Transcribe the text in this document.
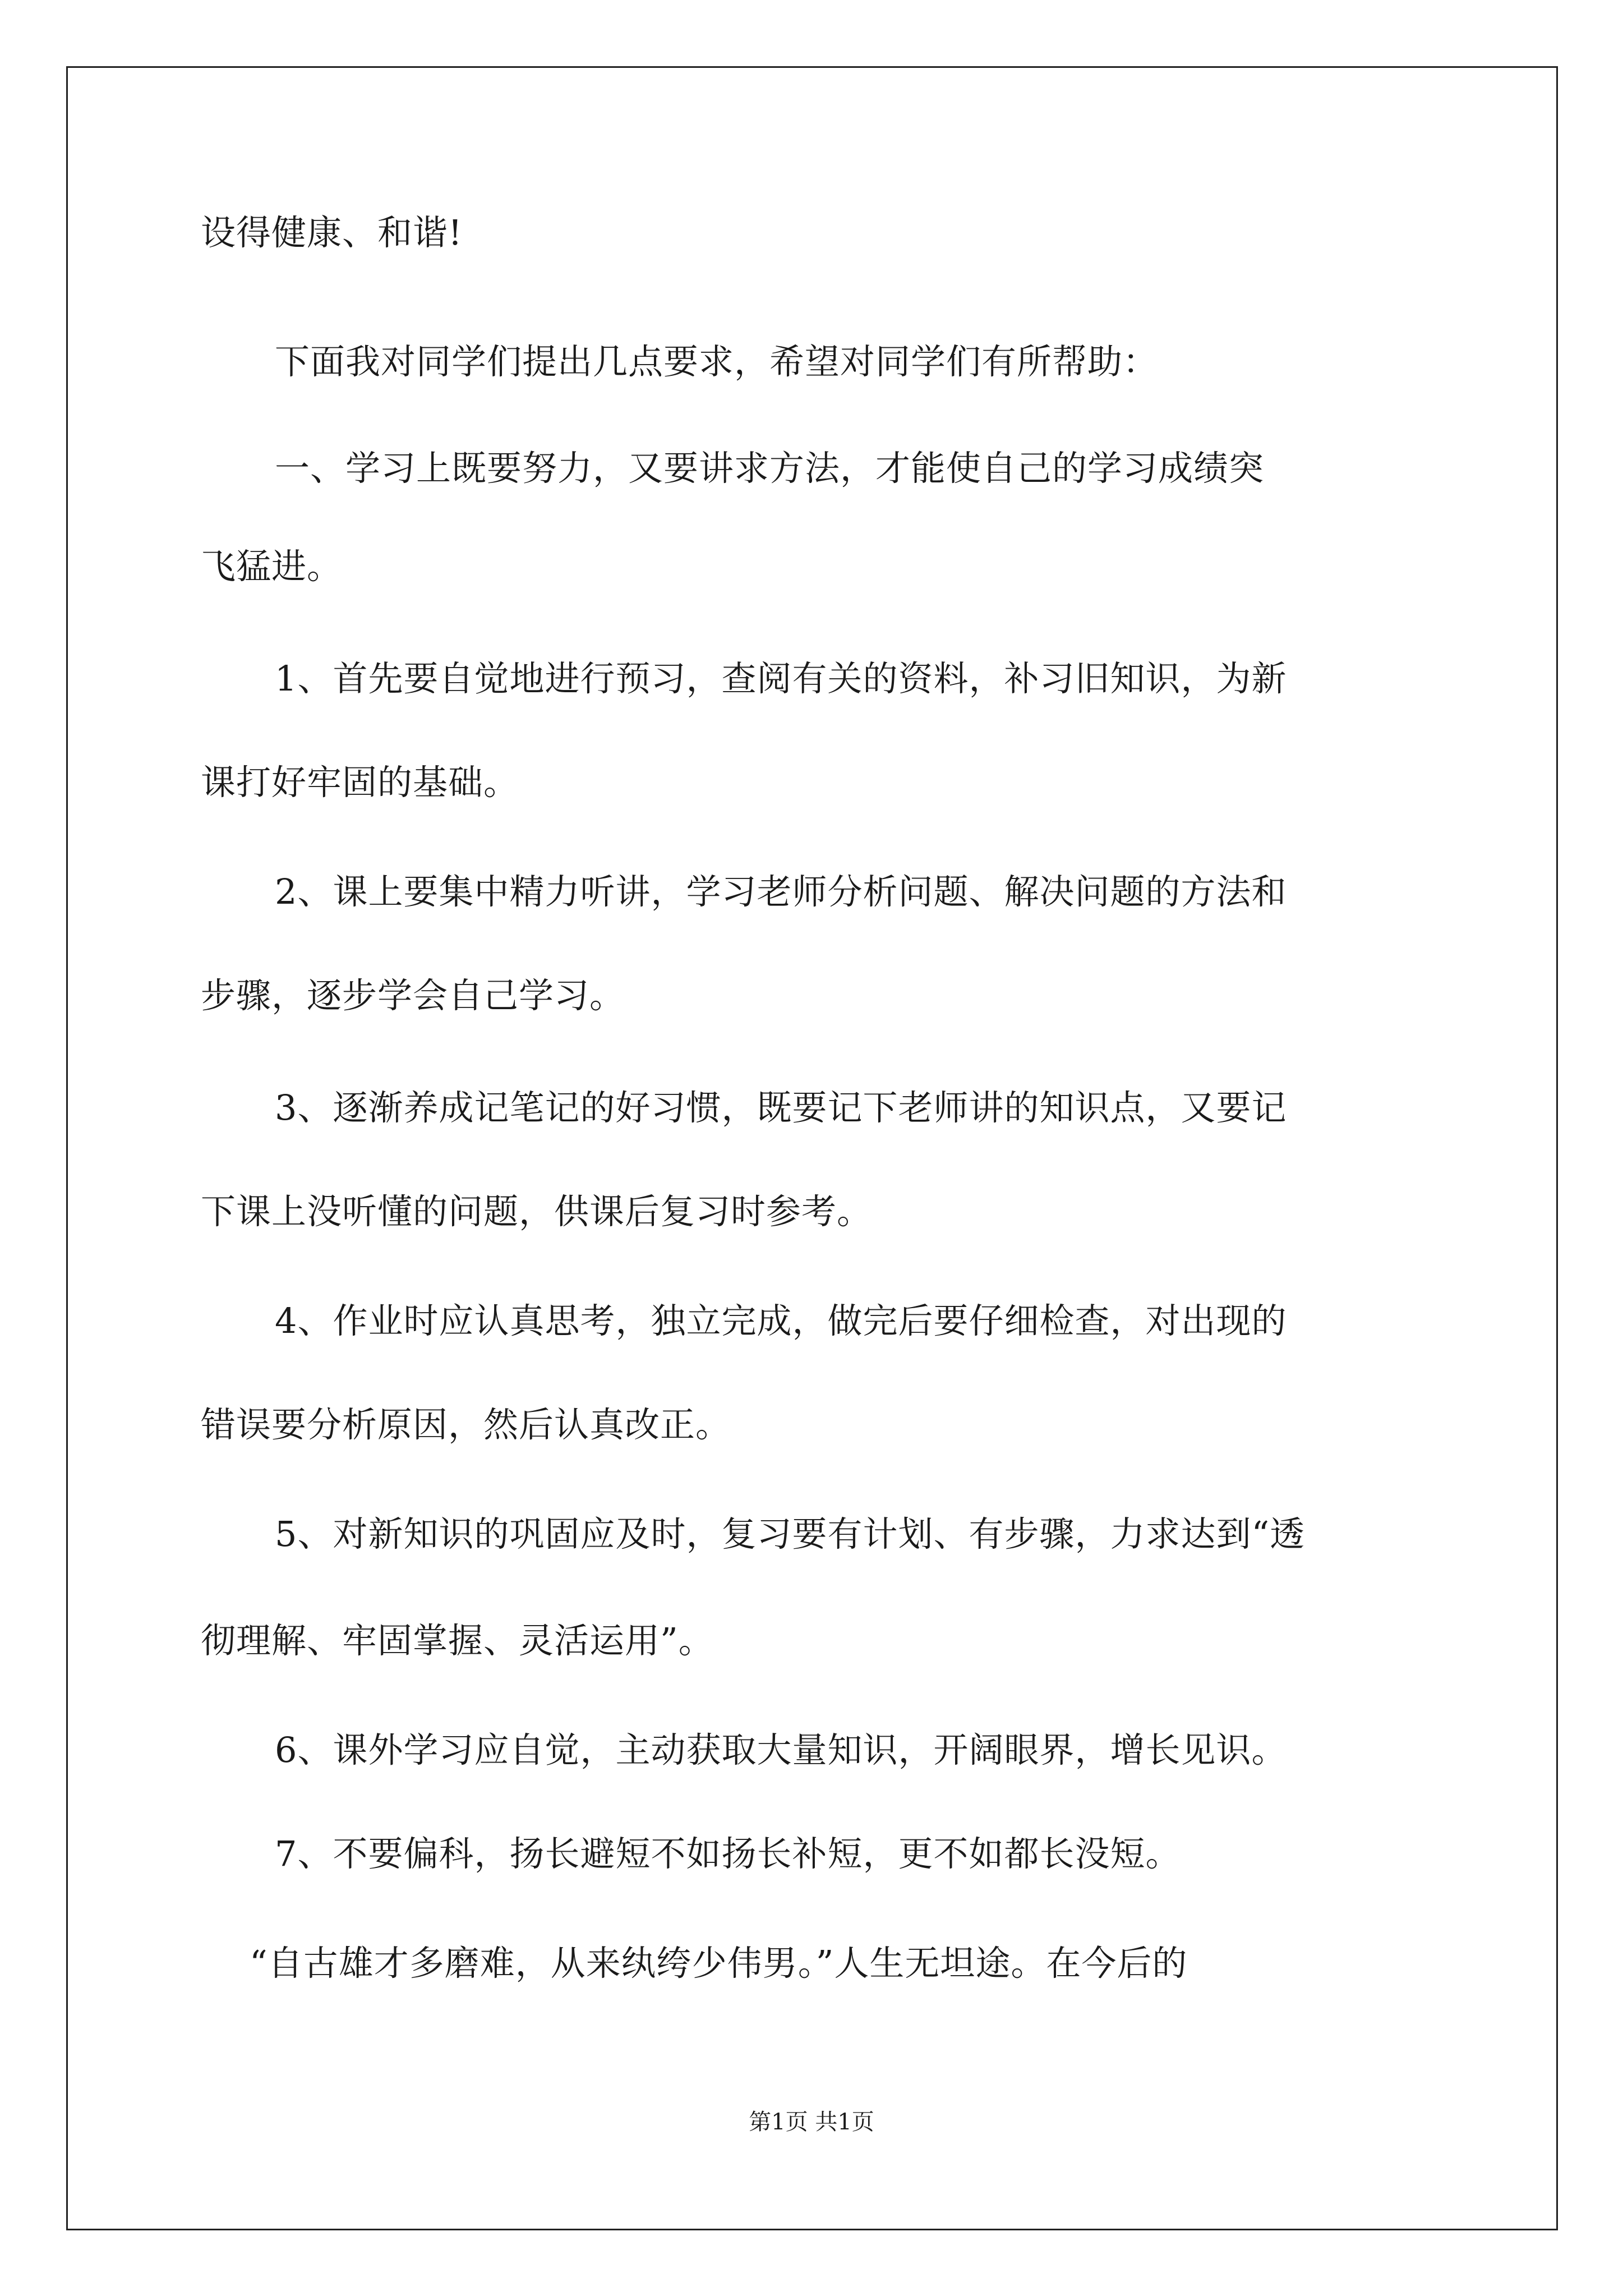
设得健康、和谐!
下面我对同学们提出几点要求，希望对同学们有所帮助：
一、学习上既要努力，又要讲求方法，才能使自己的学习成绩突
飞猛进。
1、首先要自觉地进行预习，查阅有关的资料，补习旧知识，为新
课打好牢固的基础。
2、课上要集中精力听讲，学习老师分析问题、解决问题的方法和
步骤，逐步学会自己学习。
3、逐渐养成记笔记的好习惯，既要记下老师讲的知识点，又要记
下课上没听懂的问题，供课后复习时参考。
4、作业时应认真思考，独立完成，做完后要仔细检查，对出现的
错误要分析原因，然后认真改正。
5、对新知识的巩固应及时，复习要有计划、有步骤，力求达到“透
彻理解、牢固掌握、灵活运用”。
6、课外学习应自觉，主动获取大量知识，开阔眼界，增长见识。
7、不要偏科，扬长避短不如扬长补短，更不如都长没短。
“自古雄才多磨难，从来纨绔少伟男。”人生无坦途。在今后的
第1页 共1页
